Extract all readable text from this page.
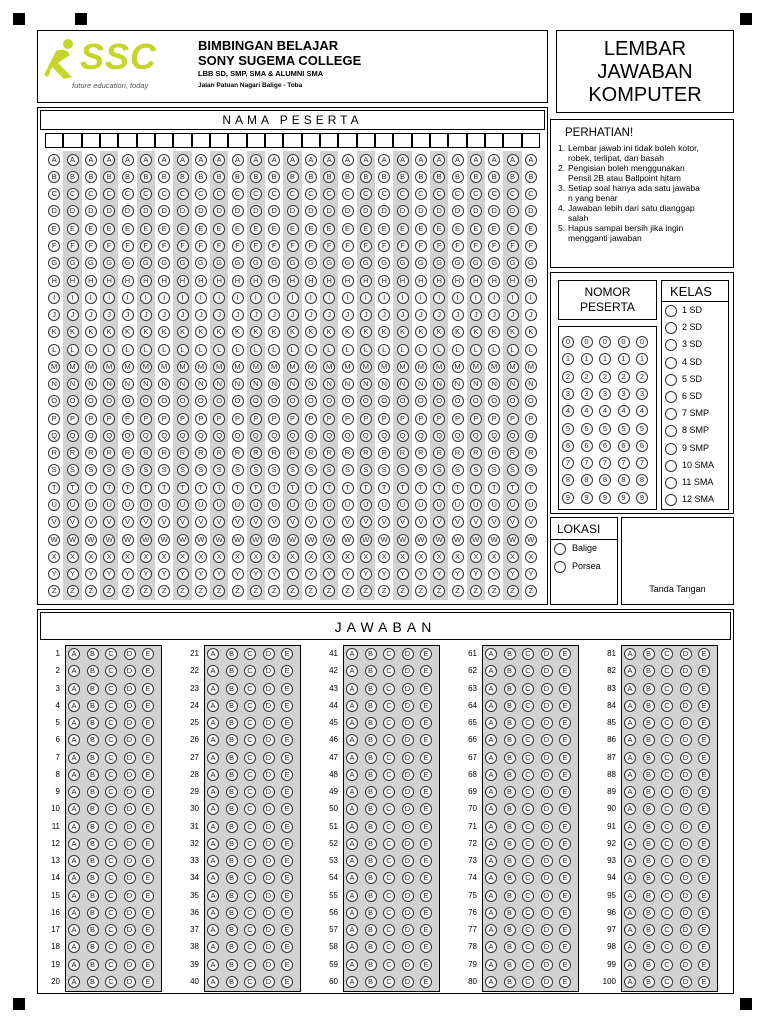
SSC
future education, today
BIMBINGAN BELAJAR
SONY SUGEMA COLLEGE
LBB SD, SMP, SMA & ALUMNI SMA
Jalan Patuan Nagari Balige - Toba
LEMBAR
JAWABAN
KOMPUTER
NAMA PESERTA
A	A	A	A	A	A	A	A	A	A	A	A	A	A	A	A	A	A	A	A	A	A	A	A	A	A	A
B	B	B	B	B	B	B	B	B	B	B	B	B	B	B	B	B	B	B	B	B	B	B	B	B	B	B
C	C	C	C	C	C	C	C	C	C	C	C	C	C	C	C	C	C	C	C	C	C	C	C	C	C	C
D	D	D	D	D	D	D	D	D	D	D	D	D	D	D	D	D	D	D	D	D	D	D	D	D	D	D
E	E	E	E	E	E	E	E	E	E	E	E	E	E	E	E	E	E	E	E	E	E	E	E	E	E	E
F	F	F	F	F	F	F	F	F	F	F	F	F	F	F	F	F	F	F	F	F	F	F	F	F	F	F
G	G	G	G	G	G	G	G	G	G	G	G	G	G	G	G	G	G	G	G	G	G	G	G	G	G	G
H	H	H	H	H	H	H	H	H	H	H	H	H	H	H	H	H	H	H	H	H	H	H	H	H	H	H
I	I	I	I	I	I	I	I	I	I	I	I	I	I	I	I	I	I	I	I	I	I	I	I	I	I	I
J	J	J	J	J	J	J	J	J	J	J	J	J	J	J	J	J	J	J	J	J	J	J	J	J	J	J
K	K	K	K	K	K	K	K	K	K	K	K	K	K	K	K	K	K	K	K	K	K	K	K	K	K	K
L	L	L	L	L	L	L	L	L	L	L	L	L	L	L	L	L	L	L	L	L	L	L	L	L	L	L
M	M	M	M	M	M	M	M	M	M	M	M	M	M	M	M	M	M	M	M	M	M	M	M	M	M	M
N	N	N	N	N	N	N	N	N	N	N	N	N	N	N	N	N	N	N	N	N	N	N	N	N	N	N
O	O	O	O	O	O	O	O	O	O	O	O	O	O	O	O	O	O	O	O	O	O	O	O	O	O	O
P	P	P	P	P	P	P	P	P	P	P	P	P	P	P	P	P	P	P	P	P	P	P	P	P	P	P
Q	Q	Q	Q	Q	Q	Q	Q	Q	Q	Q	Q	Q	Q	Q	Q	Q	Q	Q	Q	Q	Q	Q	Q	Q	Q	Q
R	R	R	R	R	R	R	R	R	R	R	R	R	R	R	R	R	R	R	R	R	R	R	R	R	R	R
S	S	S	S	S	S	S	S	S	S	S	S	S	S	S	S	S	S	S	S	S	S	S	S	S	S	S
T	T	T	T	T	T	T	T	T	T	T	T	T	T	T	T	T	T	T	T	T	T	T	T	T	T	T
U	U	U	U	U	U	U	U	U	U	U	U	U	U	U	U	U	U	U	U	U	U	U	U	U	U	U
V	V	V	V	V	V	V	V	V	V	V	V	V	V	V	V	V	V	V	V	V	V	V	V	V	V	V
W	W	W	W	W	W	W	W	W	W	W	W	W	W	W	W	W	W	W	W	W	W	W	W	W	W	W
X	X	X	X	X	X	X	X	X	X	X	X	X	X	X	X	X	X	X	X	X	X	X	X	X	X	X
Y	Y	Y	Y	Y	Y	Y	Y	Y	Y	Y	Y	Y	Y	Y	Y	Y	Y	Y	Y	Y	Y	Y	Y	Y	Y	Y
Z	Z	Z	Z	Z	Z	Z	Z	Z	Z	Z	Z	Z	Z	Z	Z	Z	Z	Z	Z	Z	Z	Z	Z	Z	Z	Z
PERHATIAN!
1. Lembar jawab ini tidak boleh kotor,
robek, terlipat, dan basah
2. Pengisian boleh menggunakan
Pensil 2B atau Ballpoint hitam
3. Setiap soal hanya ada satu jawaba
n yang benar
4. Jawaban lebih dari satu dianggap
salah
5. Hapus sampai bersih jika ingin
mengganti jawaban
NOMOR
PESERTA
0	0	0	0	0
1	1	1	1	1
2	2	2	2	2
3	3	3	3	3
4	4	4	4	4
5	5	5	5	5
6	6	6	6	6
7	7	7	7	7
8	8	8	8	8
9	9	9	9	9
KELAS
1 SD
2 SD
3 SD
4 SD
5 SD
6 SD
7 SMP
8 SMP
9 SMP
10 SMA
11 SMA
12 SMA
LOKASI
Balige
Porsea
Tanda Tangan
JAWABAN
1	A	B	C	D	E
2	A	B	C	D	E
3	A	B	C	D	E
4	A	B	C	D	E
5	A	B	C	D	E
6	A	B	C	D	E
7	A	B	C	D	E
8	A	B	C	D	E
9	A	B	C	D	E
10	A	B	C	D	E
11	A	B	C	D	E
12	A	B	C	D	E
13	A	B	C	D	E
14	A	B	C	D	E
15	A	B	C	D	E
16	A	B	C	D	E
17	A	B	C	D	E
18	A	B	C	D	E
19	A	B	C	D	E
20	A	B	C	D	E
21	A	B	C	D	E
22	A	B	C	D	E
23	A	B	C	D	E
24	A	B	C	D	E
25	A	B	C	D	E
26	A	B	C	D	E
27	A	B	C	D	E
28	A	B	C	D	E
29	A	B	C	D	E
30	A	B	C	D	E
31	A	B	C	D	E
32	A	B	C	D	E
33	A	B	C	D	E
34	A	B	C	D	E
35	A	B	C	D	E
36	A	B	C	D	E
37	A	B	C	D	E
38	A	B	C	D	E
39	A	B	C	D	E
40	A	B	C	D	E
41	A	B	C	D	E
42	A	B	C	D	E
43	A	B	C	D	E
44	A	B	C	D	E
45	A	B	C	D	E
46	A	B	C	D	E
47	A	B	C	D	E
48	A	B	C	D	E
49	A	B	C	D	E
50	A	B	C	D	E
51	A	B	C	D	E
52	A	B	C	D	E
53	A	B	C	D	E
54	A	B	C	D	E
55	A	B	C	D	E
56	A	B	C	D	E
57	A	B	C	D	E
58	A	B	C	D	E
59	A	B	C	D	E
60	A	B	C	D	E
61	A	B	C	D	E
62	A	B	C	D	E
63	A	B	C	D	E
64	A	B	C	D	E
65	A	B	C	D	E
66	A	B	C	D	E
67	A	B	C	D	E
68	A	B	C	D	E
69	A	B	C	D	E
70	A	B	C	D	E
71	A	B	C	D	E
72	A	B	C	D	E
73	A	B	C	D	E
74	A	B	C	D	E
75	A	B	C	D	E
76	A	B	C	D	E
77	A	B	C	D	E
78	A	B	C	D	E
79	A	B	C	D	E
80	A	B	C	D	E
81	A	B	C	D	E
82	A	B	C	D	E
83	A	B	C	D	E
84	A	B	C	D	E
85	A	B	C	D	E
86	A	B	C	D	E
87	A	B	C	D	E
88	A	B	C	D	E
89	A	B	C	D	E
90	A	B	C	D	E
91	A	B	C	D	E
92	A	B	C	D	E
93	A	B	C	D	E
94	A	B	C	D	E
95	A	B	C	D	E
96	A	B	C	D	E
97	A	B	C	D	E
98	A	B	C	D	E
99	A	B	C	D	E
100	A	B	C	D	E
